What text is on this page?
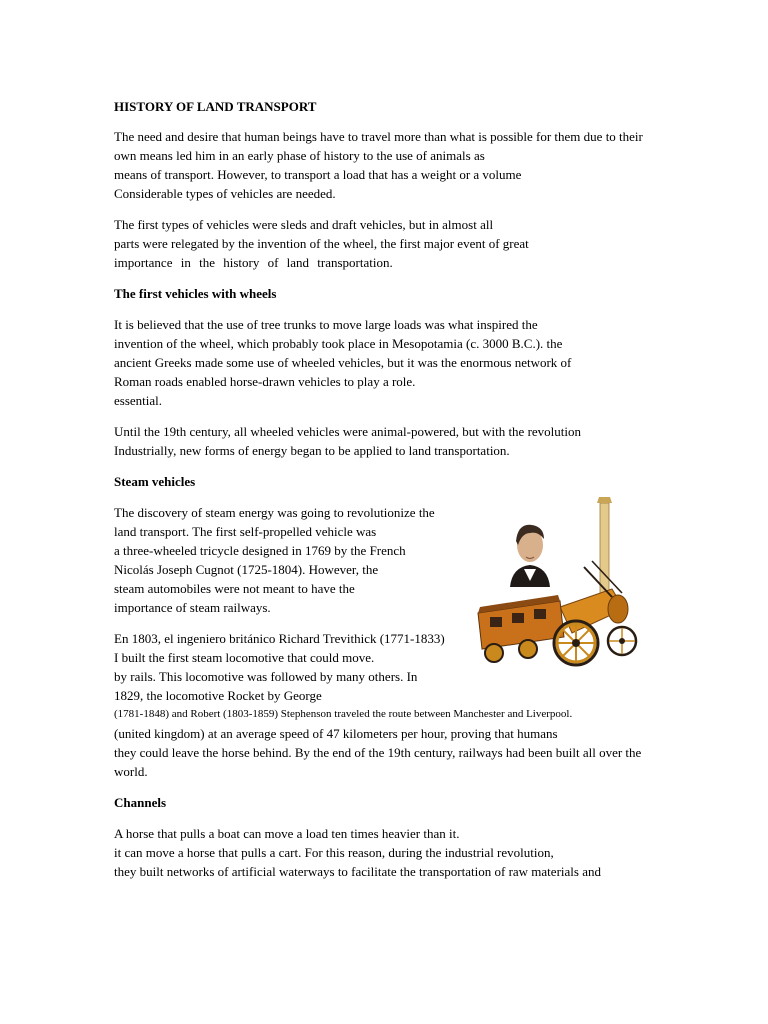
HISTORY OF LAND TRANSPORT
The need and desire that human beings have to travel more than what is possible for them due to their
own means led him in an early phase of history to the use of animals as
means of transport. However, to transport a load that has a weight or a volume
Considerable types of vehicles are needed.
The first types of vehicles were sleds and draft vehicles, but in almost all
parts were relegated by the invention of the wheel, the first major event of great
importance in the history of land transportation.
The first vehicles with wheels
It is believed that the use of tree trunks to move large loads was what inspired the
invention of the wheel, which probably took place in Mesopotamia (c. 3000 B.C.). the
ancient Greeks made some use of wheeled vehicles, but it was the enormous network of
Roman roads enabled horse-drawn vehicles to play a role.
essential.
Until the 19th century, all wheeled vehicles were animal-powered, but with the revolution
Industrially, new forms of energy began to be applied to land transportation.
Steam vehicles
The discovery of steam energy was going to revolutionize the
land transport. The first self-propelled vehicle was
a three-wheeled tricycle designed in 1769 by the French
Nicolás Joseph Cugnot (1725-1804). However, the
steam automobiles were not meant to have the
importance of steam railways.
En 1803, el ingeniero británico Richard Trevithick (1771-1833)
I built the first steam locomotive that could move.
by rails. This locomotive was followed by many others. In
1829, the locomotive Rocket by George
(1781-1848) and Robert (1803-1859) Stephenson traveled the route between Manchester and Liverpool.
(united kingdom) at an average speed of 47 kilometers per hour, proving that humans
they could leave the horse behind. By the end of the 19th century, railways had been built all over the
world.
Channels
A horse that pulls a boat can move a load ten times heavier than it.
it can move a horse that pulls a cart. For this reason, during the industrial revolution,
they built networks of artificial waterways to facilitate the transportation of raw materials and
